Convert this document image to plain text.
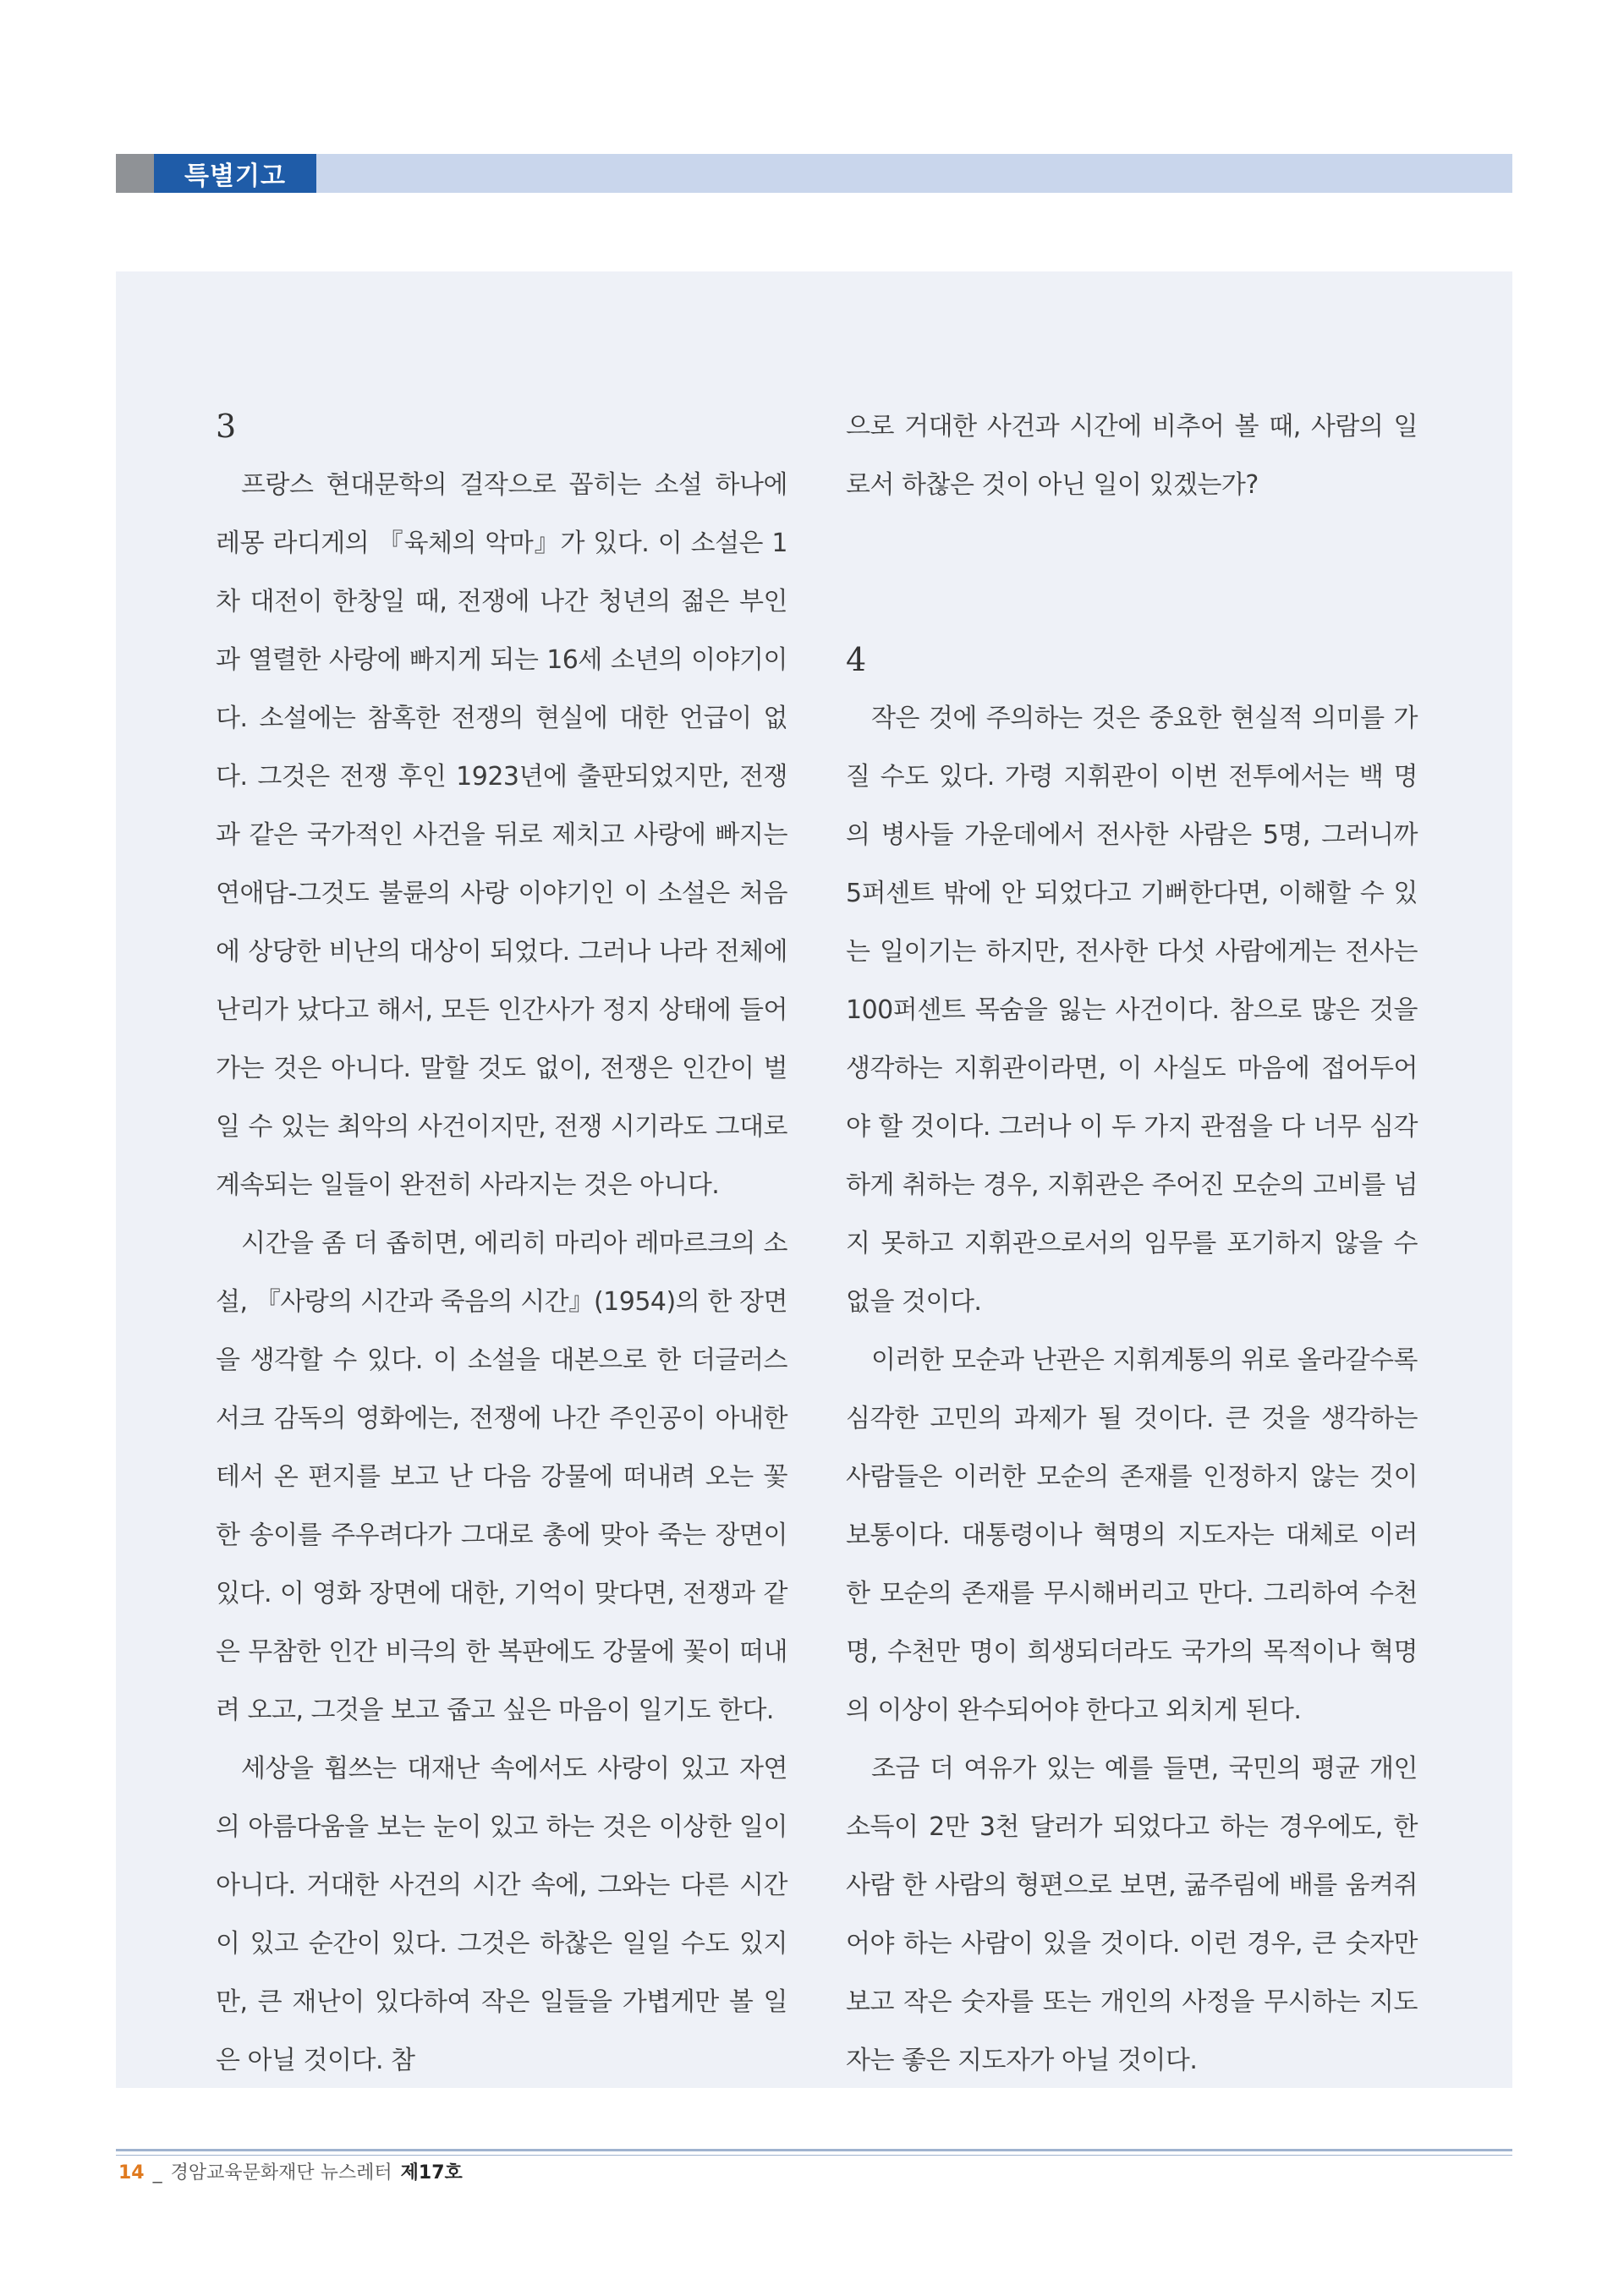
특별기고
3

프랑스 현대문학의 걸작으로 꼽히는 소설 하나에 레몽 라디게의 『육체의 악마』가 있다. 이 소설은 1차 대전이 한창일 때, 전쟁에 나간 청년의 젊은 부인과 열렬한 사랑에 빠지게 되는 16세 소년의 이야기이다. 소설에는 참혹한 전쟁의 현실에 대한 언급이 없다. 그것은 전쟁 후인 1923년에 출판되었지만, 전쟁과 같은 국가적인 사건을 뒤로 제치고 사랑에 빠지는 연애담-그것도 불륜의 사랑 이야기인 이 소설은 처음에 상당한 비난의 대상이 되었다. 그러나 나라 전체에 난리가 났다고 해서, 모든 인간사가 정지 상태에 들어가는 것은 아니다. 말할 것도 없이, 전쟁은 인간이 벌일 수 있는 최악의 사건이지만, 전쟁 시기라도 그대로 계속되는 일들이 완전히 사라지는 것은 아니다.

시간을 좀 더 좁히면, 에리히 마리아 레마르크의 소설, 『사랑의 시간과 죽음의 시간』(1954)의 한 장면을 생각할 수 있다. 이 소설을 대본으로 한 더글러스 서크 감독의 영화에는, 전쟁에 나간 주인공이 아내한테서 온 편지를 보고 난 다음 강물에 떠내려 오는 꽃 한 송이를 주우려다가 그대로 총에 맞아 죽는 장면이 있다. 이 영화 장면에 대한, 기억이 맞다면, 전쟁과 같은 무참한 인간 비극의 한 복판에도 강물에 꽃이 떠내려 오고, 그것을 보고 줍고 싶은 마음이 일기도 한다.

세상을 휩쓰는 대재난 속에서도 사랑이 있고 자연의 아름다움을 보는 눈이 있고 하는 것은 이상한 일이 아니다. 거대한 사건의 시간 속에, 그와는 다른 시간이 있고 순간이 있다. 그것은 하찮은 일일 수도 있지만, 큰 재난이 있다하여 작은 일들을 가볍게만 볼 일은 아닐 것이다. 참

으로 거대한 사건과 시간에 비추어 볼 때, 사람의 일로서 하찮은 것이 아닌 일이 있겠는가?

4

작은 것에 주의하는 것은 중요한 현실적 의미를 가질 수도 있다. 가령 지휘관이 이번 전투에서는 백 명의 병사들 가운데에서 전사한 사람은 5명, 그러니까 5퍼센트 밖에 안 되었다고 기뻐한다면, 이해할 수 있는 일이기는 하지만, 전사한 다섯 사람에게는 전사는 100퍼센트 목숨을 잃는 사건이다. 참으로 많은 것을 생각하는 지휘관이라면, 이 사실도 마음에 접어두어야 할 것이다. 그러나 이 두 가지 관점을 다 너무 심각하게 취하는 경우, 지휘관은 주어진 모순의 고비를 넘지 못하고 지휘관으로서의 임무를 포기하지 않을 수 없을 것이다.

이러한 모순과 난관은 지휘계통의 위로 올라갈수록 심각한 고민의 과제가 될 것이다. 큰 것을 생각하는 사람들은 이러한 모순의 존재를 인정하지 않는 것이 보통이다. 대통령이나 혁명의 지도자는 대체로 이러한 모순의 존재를 무시해버리고 만다. 그리하여 수천 명, 수천만 명이 희생되더라도 국가의 목적이나 혁명의 이상이 완수되어야 한다고 외치게 된다.

조금 더 여유가 있는 예를 들면, 국민의 평균 개인 소득이 2만 3천 달러가 되었다고 하는 경우에도, 한 사람 한 사람의 형편으로 보면, 굶주림에 배를 움켜쥐어야 하는 사람이 있을 것이다. 이런 경우, 큰 숫자만 보고 작은 숫자를 또는 개인의 사정을 무시하는 지도자는 좋은 지도자가 아닐 것이다.

14 _ 경암교육문화재단 뉴스레터 제17호
